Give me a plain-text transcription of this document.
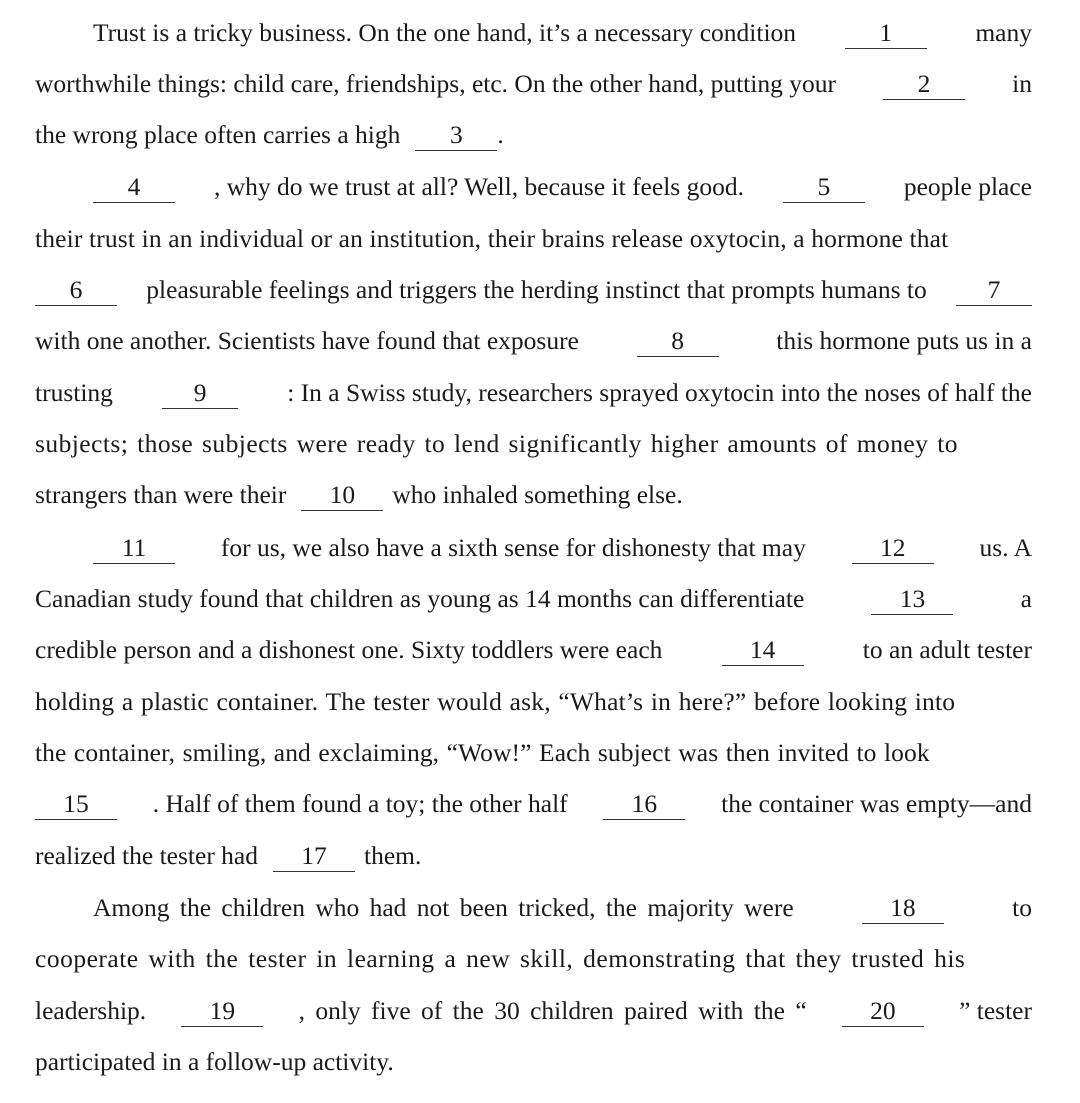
Trust is a tricky business. On the one hand, it’s a necessary condition	1	many
worthwhile things: child care, friendships, etc. On the other hand, putting your	2	in
the wrong place often carries a high	3	.
4	, why do we trust at all? Well, because it feels good.	5	people place
their trust in an individual or an institution, their brains release oxytocin, a hormone that
6	pleasurable feelings and triggers the herding instinct that prompts humans to	7
with one another. Scientists have found that exposure	8	this hormone puts us in a
trusting	9	: In a Swiss study, researchers sprayed oxytocin into the noses of half the
subjects; those subjects were ready to lend significantly higher amounts of money to
strangers than were their	10	who inhaled something else.
11	for us, we also have a sixth sense for dishonesty that may	12	us. A
Canadian study found that children as young as 14 months can differentiate	13	a
credible person and a dishonest one. Sixty toddlers were each	14	to an adult tester
holding a plastic container. The tester would ask, “What’s in here?” before looking into
the container, smiling, and exclaiming, “Wow!” Each subject was then invited to look
15	. Half of them found a toy; the other half	16	the container was empty—and
realized the tester had	17	them.
Among the children who had not been tricked, the majority were	18	to
cooperate with the tester in learning a new skill, demonstrating that they trusted his
leadership.	19	, only five of the 30 children paired with the “	20	” tester
participated in a follow-up activity.
